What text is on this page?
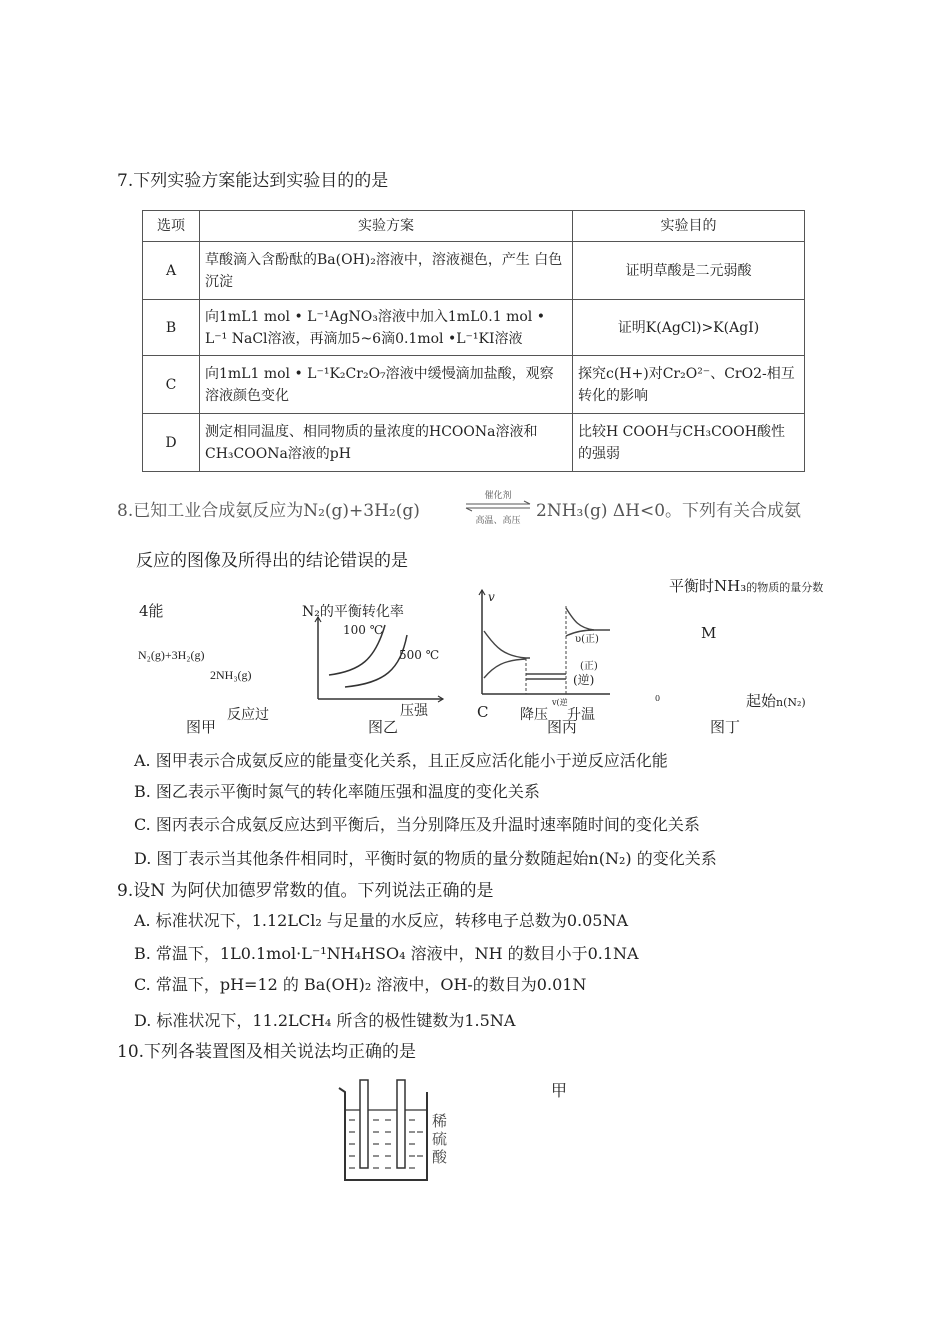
7.下列实验方案能达到实验目的的是
选项	实验方案	实验目的
A	草酸滴入含酚酞的Ba(OH)₂溶液中，溶液褪色，产生 白色沉淀	证明草酸是二元弱酸
B	向1mL1 mol • L⁻¹AgNO₃溶液中加入1mL0.1 mol • L⁻¹ NaCl溶液，再滴加5~6滴0.1mol •L⁻¹KI溶液	证明K(AgCl)>K(AgI)
C	向1mL1 mol • L⁻¹K₂Cr₂O₇溶液中缓慢滴加盐酸，观察 溶液颜色变化	探究c(H+)对Cr₂O²⁻、CrO2-相互 转化的影响
D	测定相同温度、相同物质的量浓度的HCOONa溶液和 CH₃COONa溶液的pH	比较H COOH与CH₃COOH酸性 的强弱
8.已知工业合成氨反应为N₂(g)+3H₂(g)
催化剂
高温、高压 2NH₃(g) ΔH<0。下列有关合成氨
反应的图像及所得出的结论错误的是
4能
N₂(g)+3H₂(g)
2NH₃(g)
反应过
图甲
N₂的平衡转化率
100 ℃
500 ℃
压强
图乙
v
υ(正)
(正)
(逆)
v(逆
C 降压 升温
图丙
平衡时NH₃的物质的量分数
M
0	起始n(N₂)
图丁
A. 图甲表示合成氨反应的能量变化关系，且正反应活化能小于逆反应活化能
B. 图乙表示平衡时氮气的转化率随压强和温度的变化关系
C. 图丙表示合成氨反应达到平衡后，当分别降压及升温时速率随时间的变化关系
D. 图丁表示当其他条件相同时，平衡时氨的物质的量分数随起始n(N₂) 的变化关系
9.设N 为阿伏加德罗常数的值。下列说法正确的是
A. 标准状况下，1.12LCl₂ 与足量的水反应，转移电子总数为0.05NA
B. 常温下，1L0.1mol·L⁻¹NH₄HSO₄ 溶液中，NH 的数目小于0.1NA
C. 常温下，pH=12 的 Ba(OH)₂ 溶液中，OH-的数目为0.01N
D. 标准状况下，11.2LCH₄ 所含的极性键数为1.5NA
10.下列各装置图及相关说法均正确的是
甲
稀硫酸
